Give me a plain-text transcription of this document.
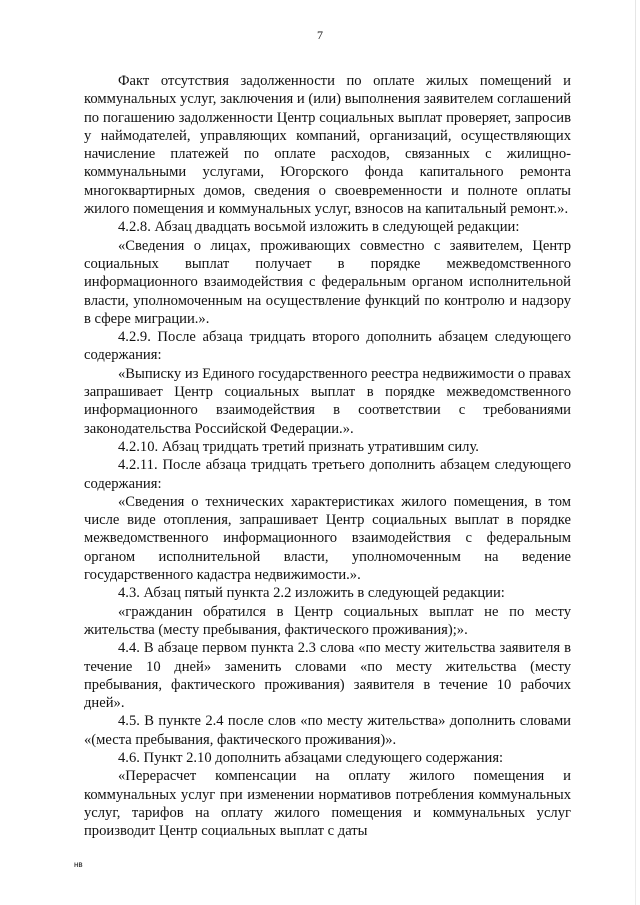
7

Факт отсутствия задолженности по оплате жилых помещений и коммунальных услуг, заключения и (или) выполнения заявителем соглашений по погашению задолженности Центр социальных выплат проверяет, запросив у наймодателей, управляющих компаний, организаций, осуществляющих начисление платежей по оплате расходов, связанных с жилищно-коммунальными услугами, Югорского фонда капитального ремонта многоквартирных домов, сведения о своевременности и полноте оплаты жилого помещения и коммунальных услуг, взносов на капитальный ремонт.».

4.2.8. Абзац двадцать восьмой изложить в следующей редакции:

«Сведения о лицах, проживающих совместно с заявителем, Центр социальных выплат получает в порядке межведомственного информационного взаимодействия с федеральным органом исполнительной власти, уполномоченным на осуществление функций по контролю и надзору в сфере миграции.».

4.2.9. После абзаца тридцать второго дополнить абзацем следующего содержания:

«Выписку из Единого государственного реестра недвижимости о правах запрашивает Центр социальных выплат в порядке межведомственного информационного взаимодействия в соответствии с требованиями законодательства Российской Федерации.».

4.2.10. Абзац тридцать третий признать утратившим силу.

4.2.11. После абзаца тридцать третьего дополнить абзацем следующего содержания:

«Сведения о технических характеристиках жилого помещения, в том числе виде отопления, запрашивает Центр социальных выплат в порядке межведомственного информационного взаимодействия с федеральным органом исполнительной власти, уполномоченным на ведение государственного кадастра недвижимости.».

4.3. Абзац пятый пункта 2.2 изложить в следующей редакции:

«гражданин обратился в Центр социальных выплат не по месту жительства (месту пребывания, фактического проживания);».

4.4. В абзаце первом пункта 2.3 слова «по месту жительства заявителя в течение 10 дней» заменить словами «по месту жительства (месту пребывания, фактического проживания) заявителя в течение 10 рабочих дней».

4.5. В пункте 2.4 после слов «по месту жительства» дополнить словами «(места пребывания, фактического проживания)».

4.6. Пункт 2.10 дополнить абзацами следующего содержания:

«Перерасчет компенсации на оплату жилого помещения и коммунальных услуг при изменении нормативов потребления коммунальных услуг, тарифов на оплату жилого помещения и коммунальных услуг производит Центр социальных выплат с даты

нв
